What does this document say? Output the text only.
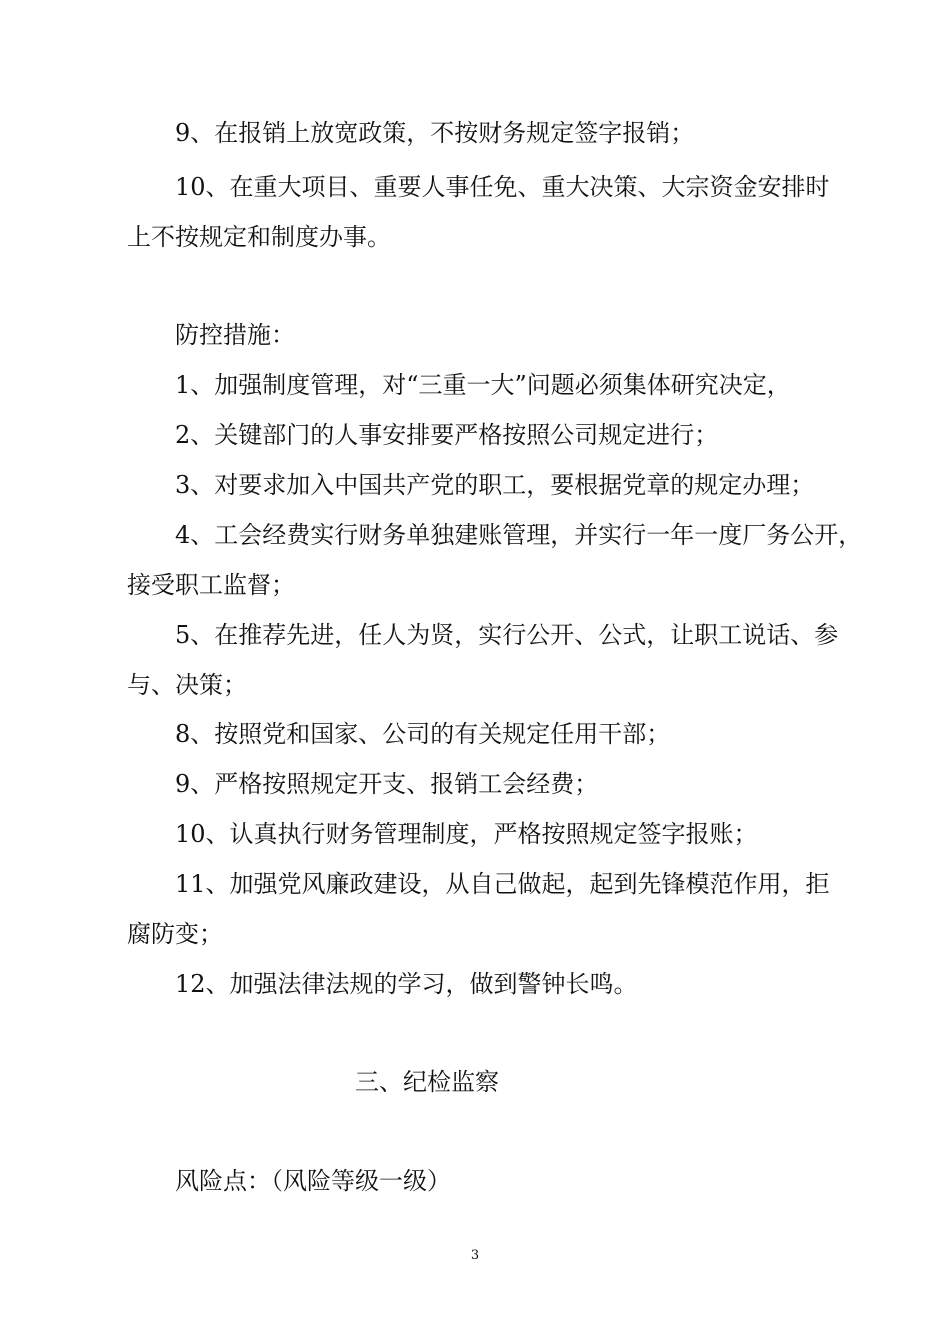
9、在报销上放宽政策，不按财务规定签字报销；

10、在重大项目、重要人事任免、重大决策、大宗资金安排时

上不按规定和制度办事。

防控措施：

1、加强制度管理，对“三重一大”问题必须集体研究决定，

2、关键部门的人事安排要严格按照公司规定进行；

3、对要求加入中国共产党的职工，要根据党章的规定办理；

4、工会经费实行财务单独建账管理，并实行一年一度厂务公开，

接受职工监督；

5、在推荐先进，任人为贤，实行公开、公式，让职工说话、参

与、决策；

8、按照党和国家、公司的有关规定任用干部；

9、严格按照规定开支、报销工会经费；

10、认真执行财务管理制度，严格按照规定签字报账；

11、加强党风廉政建设，从自己做起，起到先锋模范作用，拒

腐防变；

12、加强法律法规的学习，做到警钟长鸣。

三、纪检监察

风险点：（风险等级一级）

3
